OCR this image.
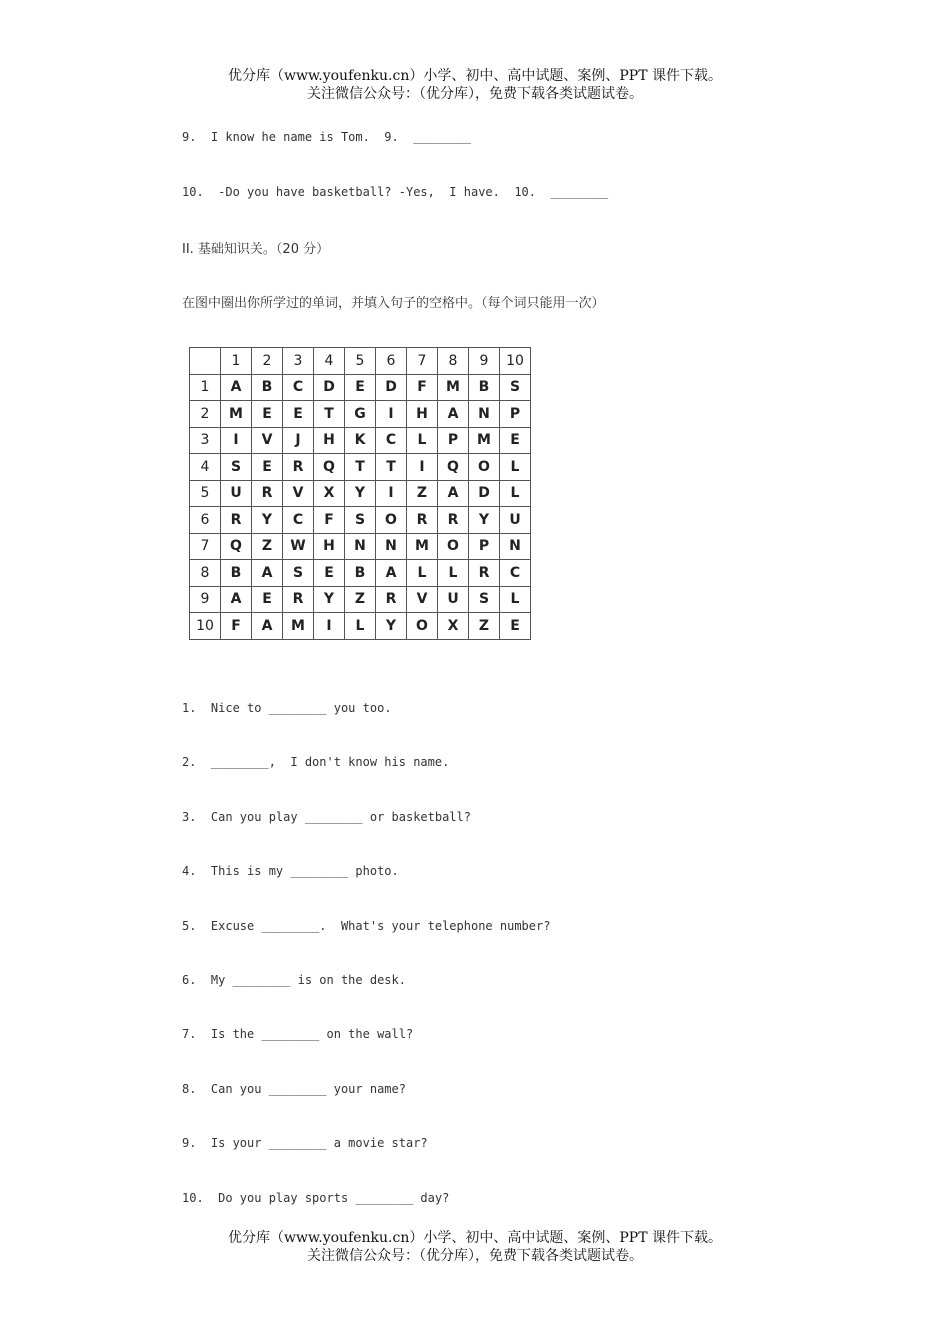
优分库（www.youfenku.cn）小学、初中、高中试题、案例、PPT 课件下载。
关注微信公众号：（优分库），免费下载各类试题试卷。
9.  I know he name is Tom.  9.  ________
10.  -Do you have basketball? -Yes,  I have.  10.  ________
II. 基础知识关。（20 分）
在图中圈出你所学过的单词，并填入句子的空格中。（每个词只能用一次）
	1	2	3	4	5	6	7	8	9	10
1	A	B	C	D	E	D	F	M	B	S
2	M	E	E	T	G	I	H	A	N	P
3	I	V	J	H	K	C	L	P	M	E
4	S	E	R	Q	T	T	I	Q	O	L
5	U	R	V	X	Y	I	Z	A	D	L
6	R	Y	C	F	S	O	R	R	Y	U
7	Q	Z	W	H	N	N	M	O	P	N
8	B	A	S	E	B	A	L	L	R	C
9	A	E	R	Y	Z	R	V	U	S	L
10	F	A	M	I	L	Y	O	X	Z	E
1.  Nice to ________ you too.
2.  ________,  I don't know his name.
3.  Can you play ________ or basketball?
4.  This is my ________ photo.
5.  Excuse ________.  What's your telephone number?
6.  My ________ is on the desk.
7.  Is the ________ on the wall?
8.  Can you ________ your name?
9.  Is your ________ a movie star?
10.  Do you play sports ________ day?
优分库（www.youfenku.cn）小学、初中、高中试题、案例、PPT 课件下载。
关注微信公众号：（优分库），免费下载各类试题试卷。
